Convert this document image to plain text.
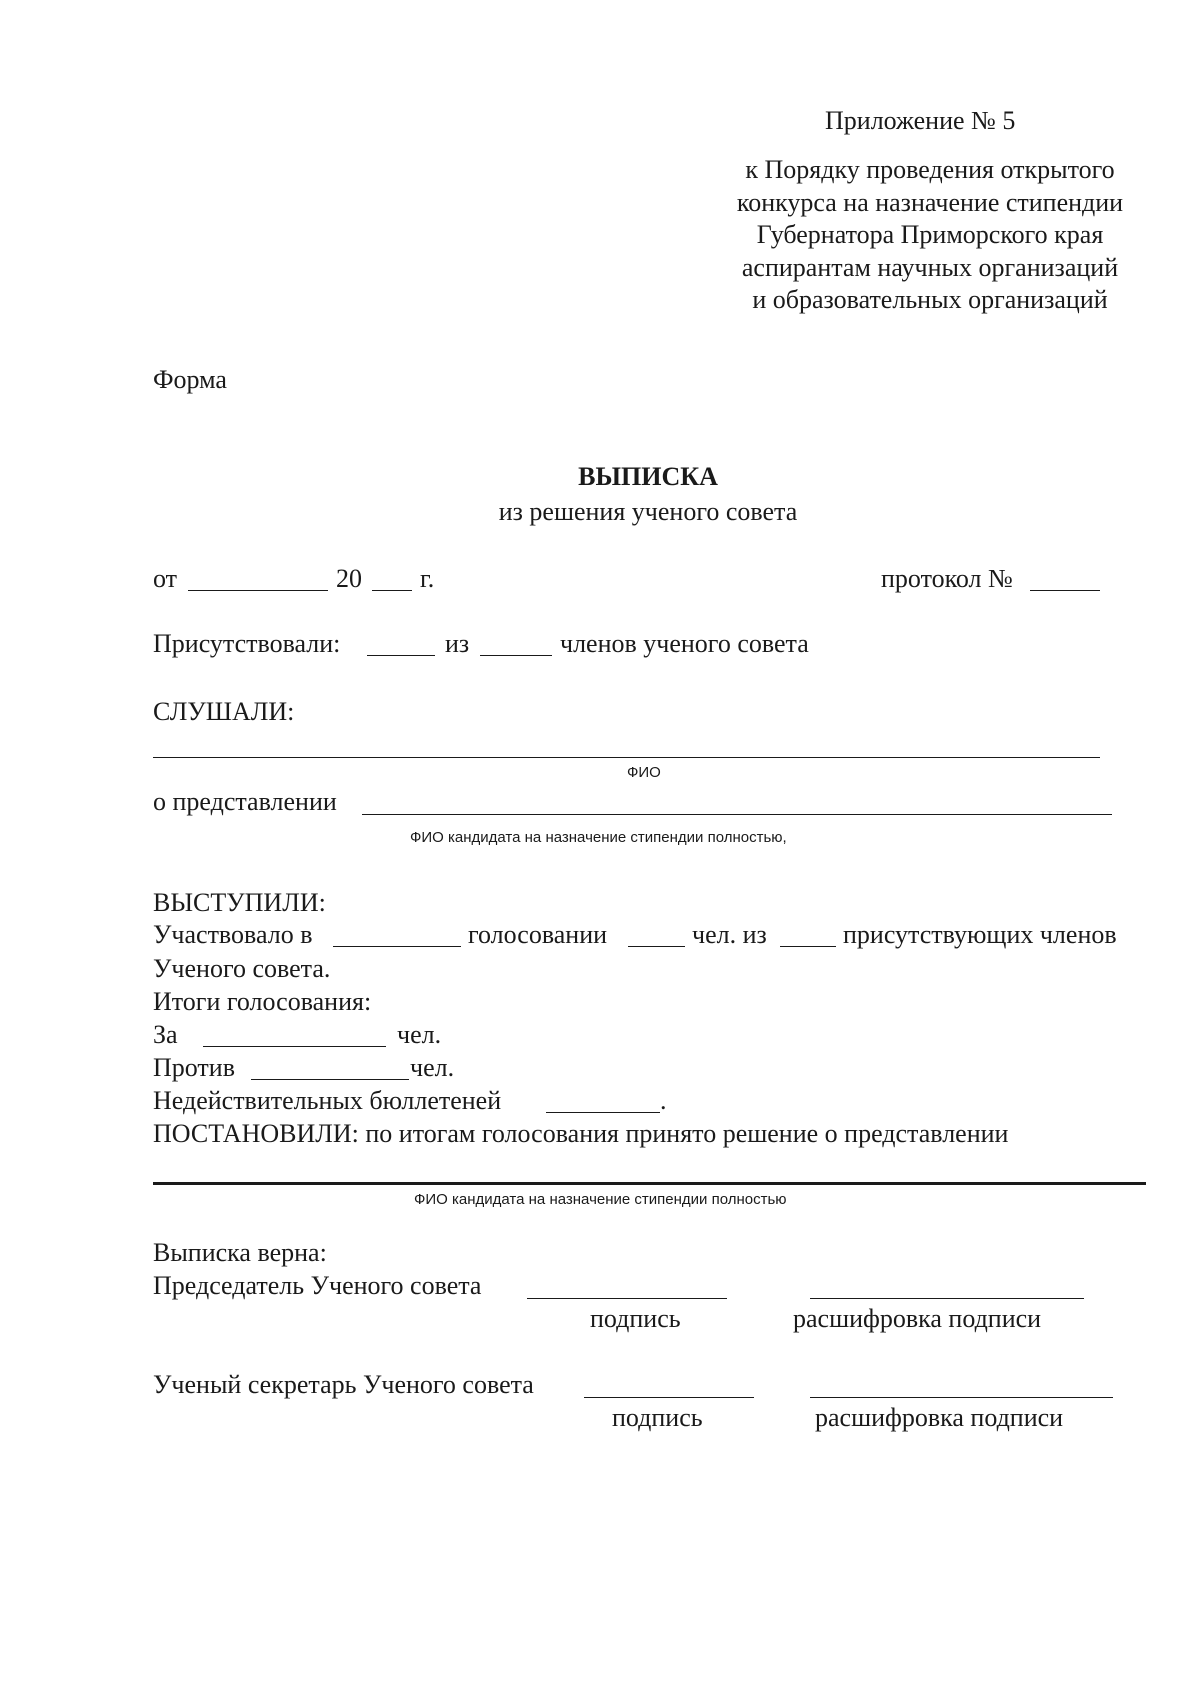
Приложение № 5
к Порядку проведения открытого
конкурса на назначение стипендии
Губернатора Приморского края
аспирантам научных организаций
и образовательных организаций
Форма
ВЫПИСКА
из решения ученого совета
от	20 г.	протокол №
Присутствовали:	из	членов ученого совета
СЛУШАЛИ:
ФИО
о представлении
ФИО кандидата на назначение стипендии полностью,
ВЫСТУПИЛИ:
Участвовало в	голосовании	чел. из	присутствующих членов
Ученого совета.
Итоги голосования:
За	чел.
Против	чел.
Недействительных бюллетеней	.
ПОСТАНОВИЛИ: по итогам голосования принято решение о представлении
ФИО кандидата на назначение стипендии полностью
Выписка верна:
Председатель Ученого совета
подпись	расшифровка подписи
Ученый секретарь Ученого совета
подпись	расшифровка подписи
